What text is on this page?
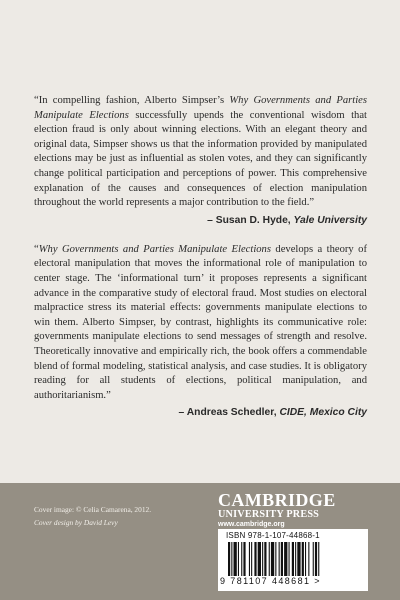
“In compelling fashion, Alberto Simpser’s Why Governments and Parties Manipulate Elections successfully upends the conventional wisdom that election fraud is only about winning elections. With an elegant theory and original data, Simpser shows us that the information provided by manipulated elections may be just as influential as stolen votes, and they can significantly change political participation and perceptions of power. This comprehensive explanation of the causes and consequences of election manipulation throughout the world represents a major contribution to the field.”

– Susan D. Hyde, Yale University

“Why Governments and Parties Manipulate Elections develops a theory of electoral manipulation that moves the informational role of manipulation to center stage. The ‘informational turn’ it proposes represents a significant advance in the comparative study of electoral fraud. Most studies on electoral malpractice stress its material effects: governments manipulate elections to win them. Alberto Simpser, by contrast, highlights its communicative role: governments manipulate elections to send messages of strength and resolve. Theoretically innovative and empirically rich, the book offers a commendable blend of formal modeling, statistical analysis, and case studies. It is obligatory reading for all students of elections, political manipulation, and authoritarianism.”

– Andreas Schedler, CIDE, Mexico City
Cover image: © Celia Camarena, 2012.
Cover design by David Levy
CAMBRIDGE
UNIVERSITY PRESS
www.cambridge.org
ISBN 978-1-107-44868-1
9 781107 448681 >
